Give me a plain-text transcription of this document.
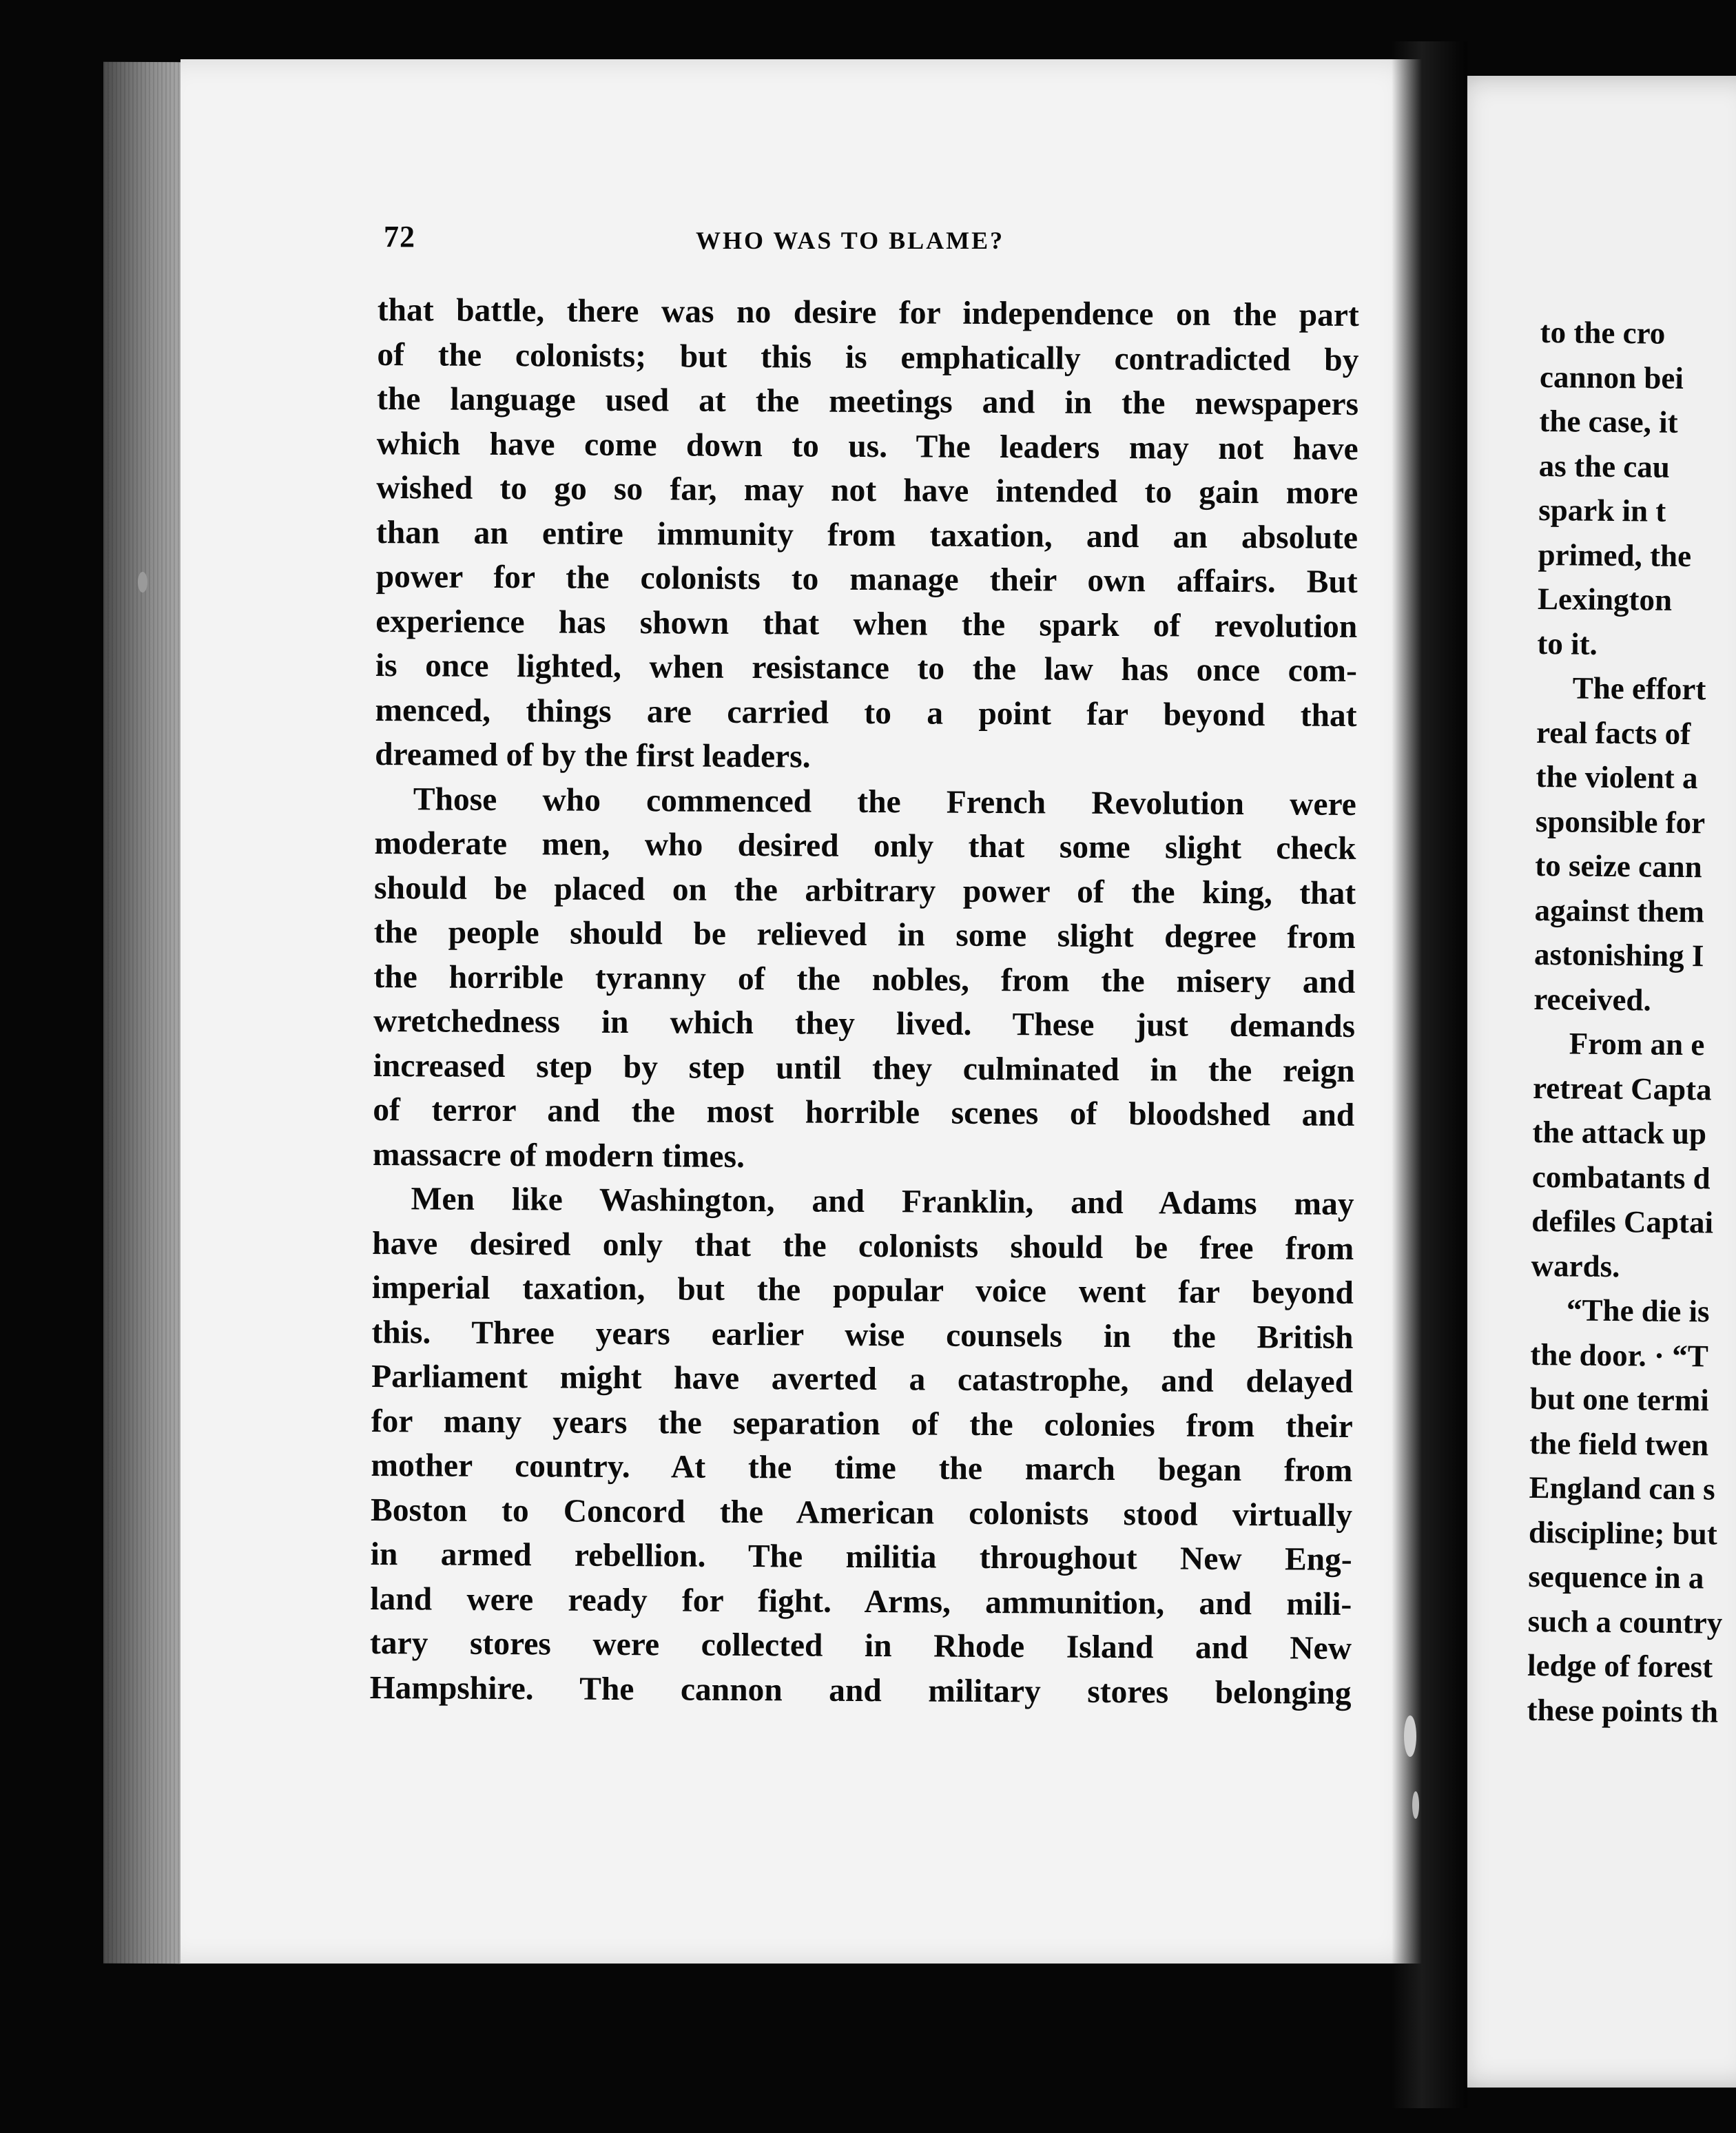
72	WHO WAS TO BLAME?
that battle, there was no desire for independence on the part
of the colonists; but this is emphatically contradicted by
the language used at the meetings and in the newspapers
which have come down to us. The leaders may not have
wished to go so far, may not have intended to gain more
than an entire immunity from taxation, and an absolute
power for the colonists to manage their own affairs. But
experience has shown that when the spark of revolution
is once lighted, when resistance to the law has once com-
menced, things are carried to a point far beyond that
dreamed of by the first leaders.
Those who commenced the French Revolution were
moderate men, who desired only that some slight check
should be placed on the arbitrary power of the king, that
the people should be relieved in some slight degree from
the horrible tyranny of the nobles, from the misery and
wretchedness in which they lived. These just demands
increased step by step until they culminated in the reign
of terror and the most horrible scenes of bloodshed and
massacre of modern times.
Men like Washington, and Franklin, and Adams may
have desired only that the colonists should be free from
imperial taxation, but the popular voice went far beyond
this. Three years earlier wise counsels in the British
Parliament might have averted a catastrophe, and delayed
for many years the separation of the colonies from their
mother country. At the time the march began from
Boston to Concord the American colonists stood virtually
in armed rebellion. The militia throughout New Eng-
land were ready for fight. Arms, ammunition, and mili-
tary stores were collected in Rhode Island and New
Hampshire. The cannon and military stores belonging
to the cro
cannon bei
the case, it
as the cau
spark in t
primed, the
Lexington
to it.
The effort
real facts of
the violent a
sponsible for
to seize cann
against them
astonishing I
received.
From an e
retreat Capta
the attack up
combatants d
defiles Captai
wards.
“The die is
the door. · “T
but one termi
the field twen
England can s
discipline; but
sequence in a
such a country
ledge of forest
these points th
